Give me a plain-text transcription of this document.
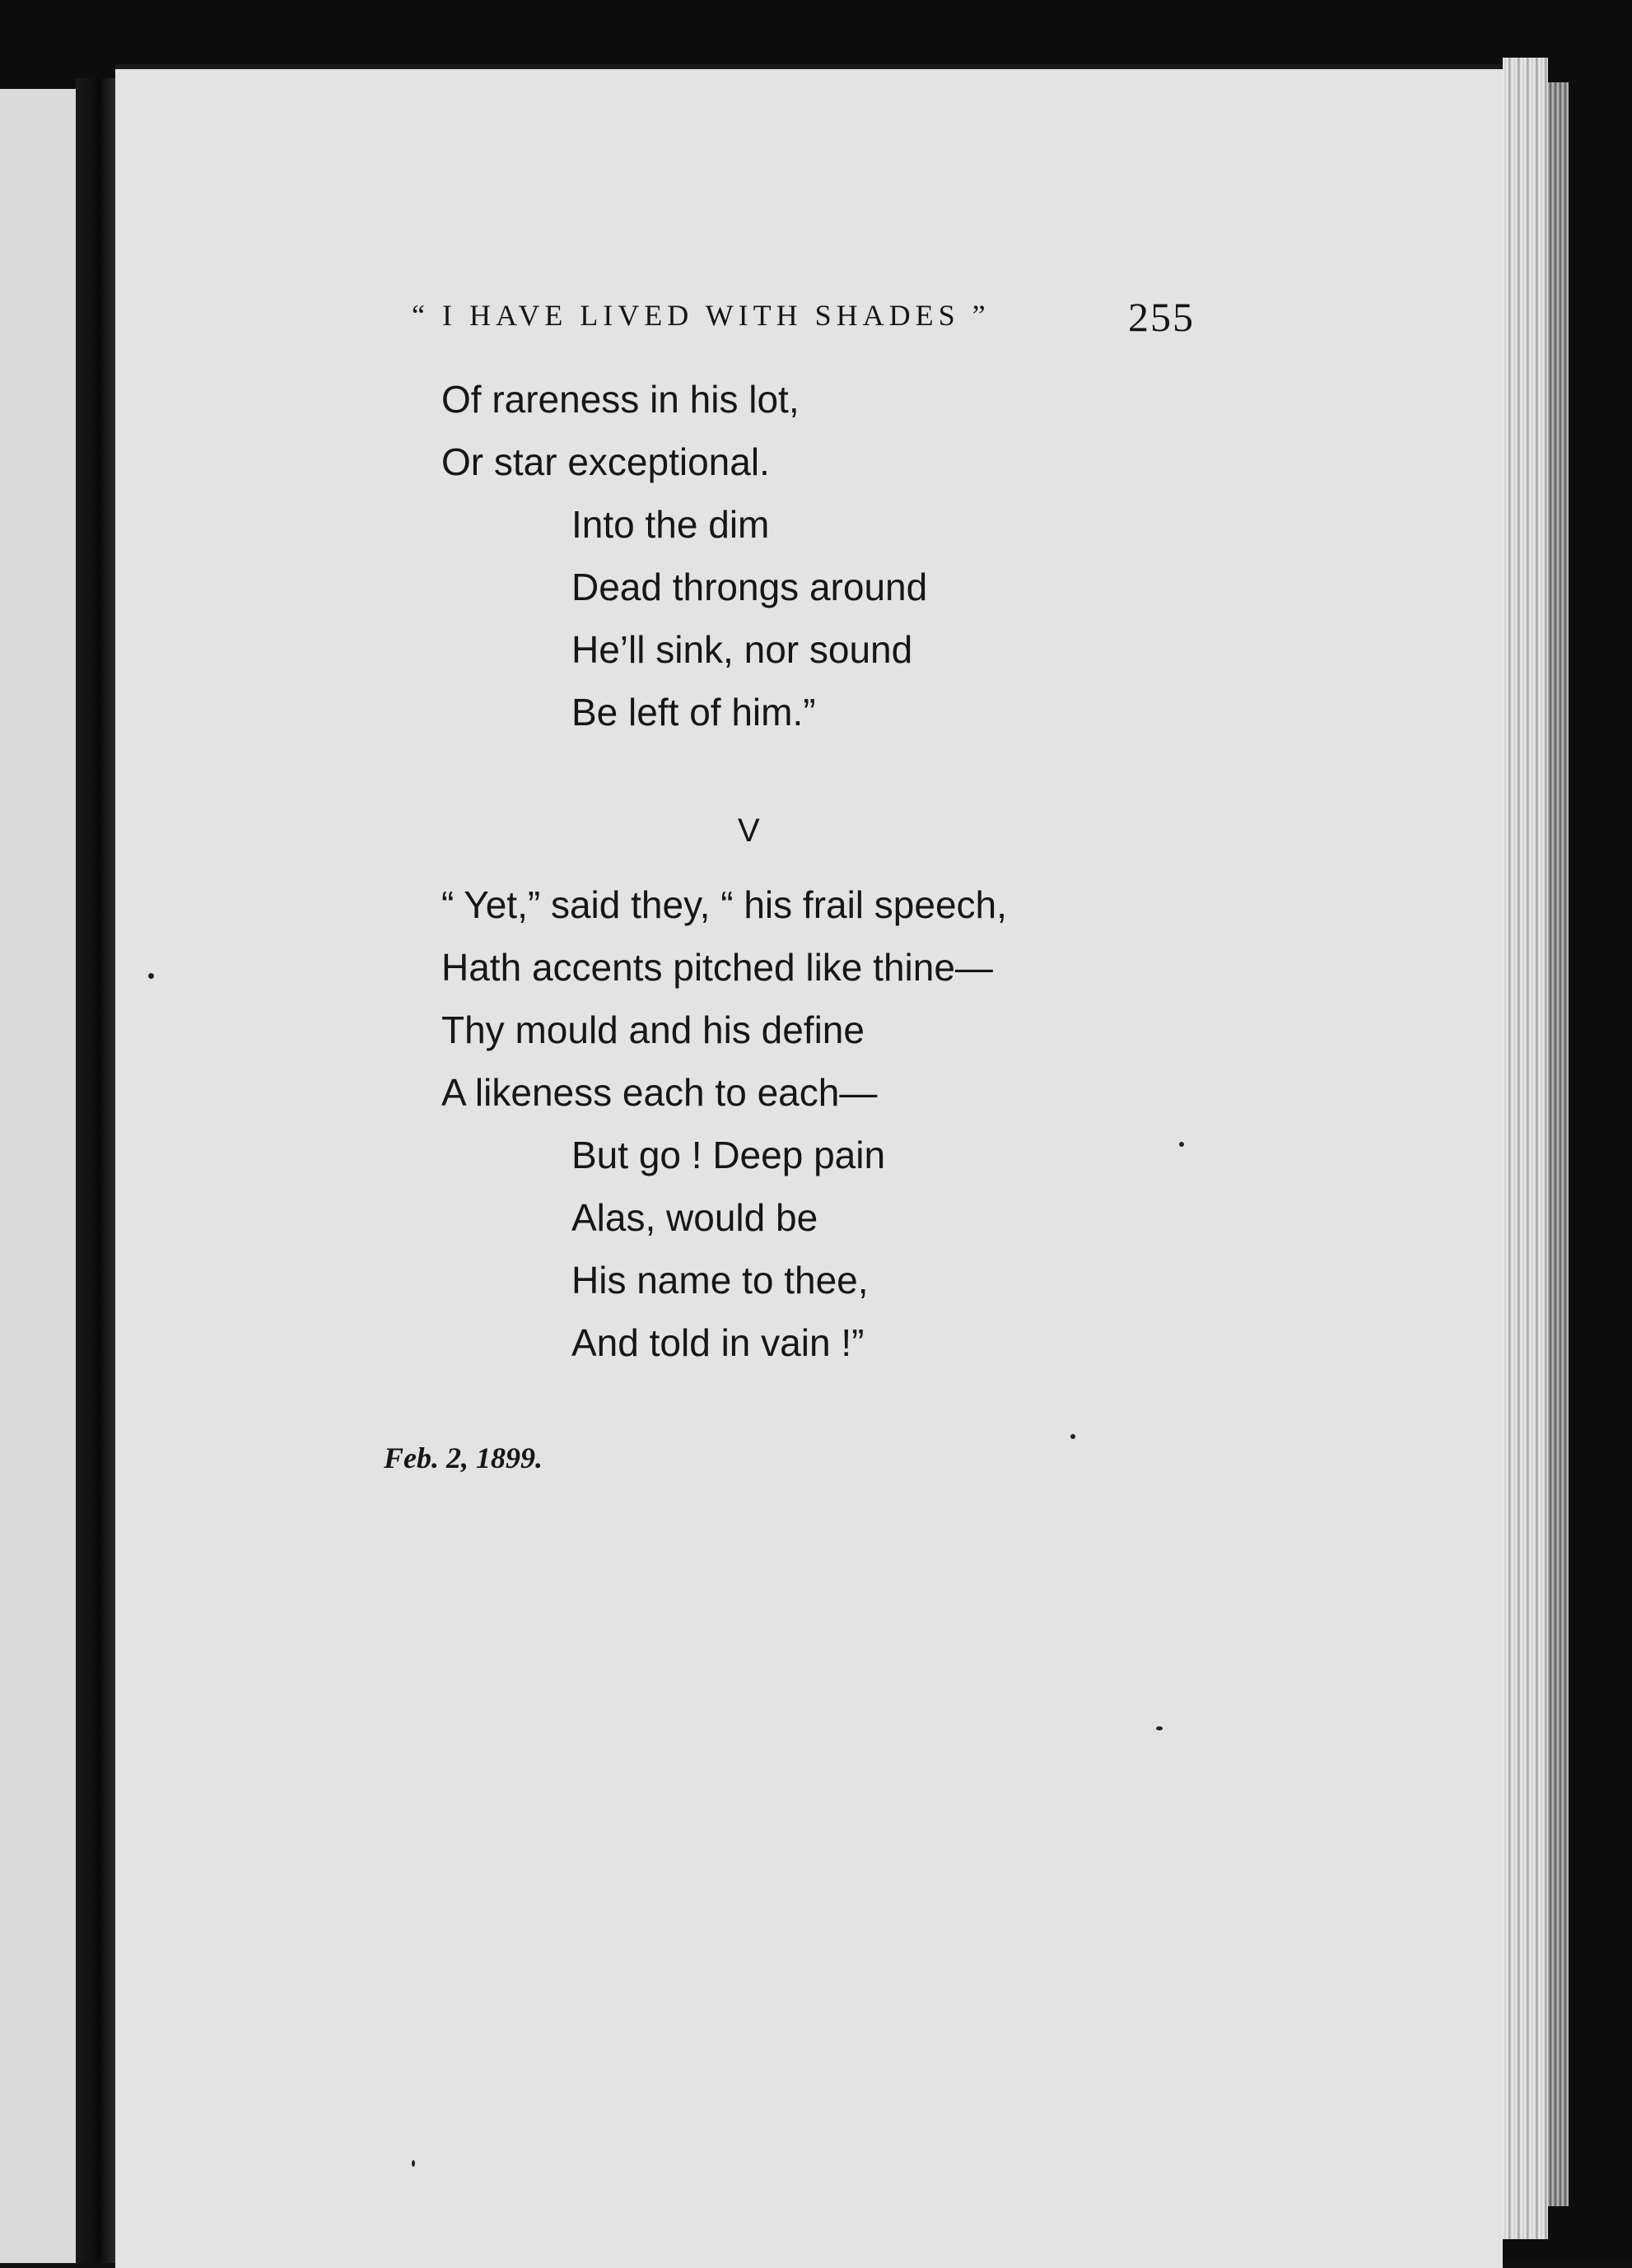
“ I HAVE LIVED WITH SHADES ”	255
Of rareness in his lot,
Or star exceptional.
Into the dim
Dead throngs around
He’ll sink, nor sound
Be left of him.”
“ Yet,” said they, “ his frail speech,
Hath accents pitched like thine—
Thy mould and his define
A likeness each to each—
But go ! Deep pain
Alas, would be
His name to thee,
And told in vain !”
V
Feb. 2, 1899.
